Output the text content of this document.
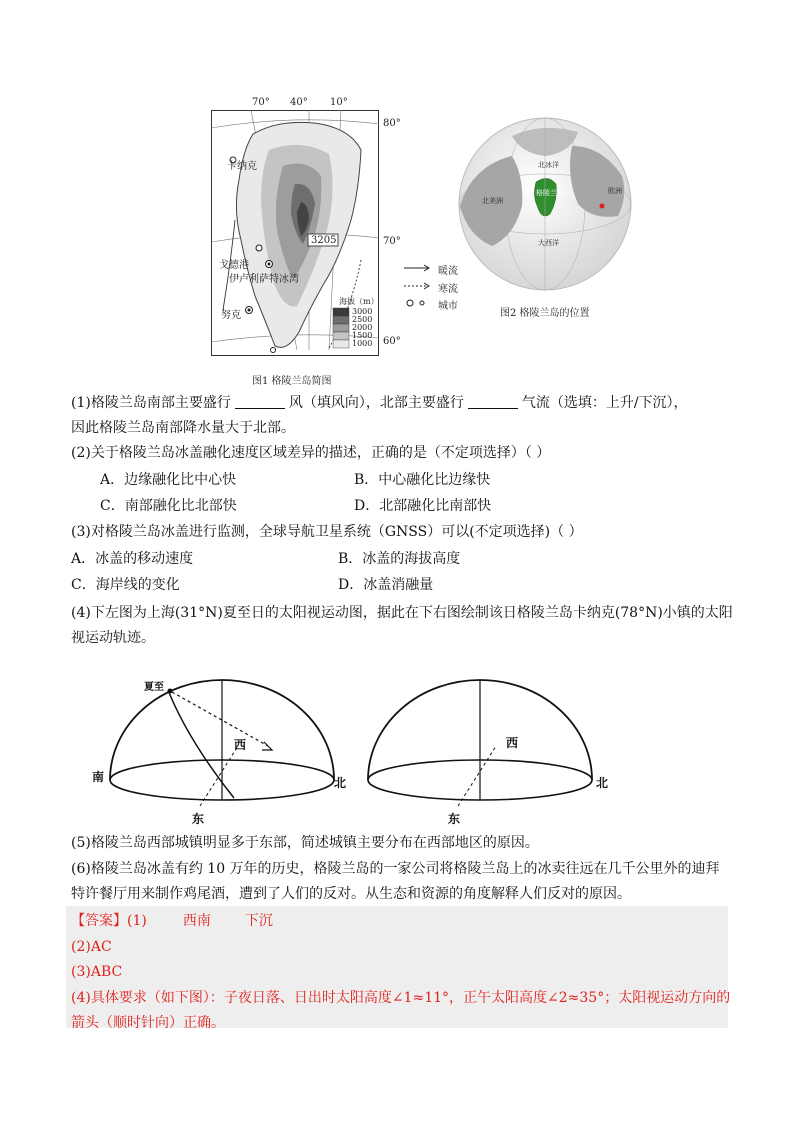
卡纳克
戈德港
伊卢利萨特冰湾
努克
3205
海拔（m）
3000
2500
2000
1500
1000
70° 40° 10°
80°
70°
60°
图1 格陵兰岛简图
暖流
寒流
城市
北冰洋
格陵兰岛
北美洲
欧洲
大西洋
图2 格陵兰岛的位置
(1)格陵兰岛南部主要盛行	风（填风向），北部主要盛行	气流（选填：上升/下沉），
因此格陵兰岛南部降水量大于北部。
(2)关于格陵兰岛冰盖融化速度区域差异的描述，正确的是（不定项选择）（ ）
A．边缘融化比中心快	B．中心融化比边缘快
C．南部融化比北部快	D．北部融化比南部快
(3)对格陵兰岛冰盖进行监测，全球导航卫星系统（GNSS）可以(不定项选择)（ ）
A．冰盖的移动速度	B．冰盖的海拔高度
C．海岸线的变化	D．冰盖消融量
(4)下左图为上海(31°N)夏至日的太阳视运动图，据此在下右图绘制该日格陵兰岛卡纳克(78°N)小镇的太阳
视运动轨迹。
夏至
南	北
西
东
北
西
东
(5)格陵兰岛西部城镇明显多于东部，简述城镇主要分布在西部地区的原因。
(6)格陵兰岛冰盖有约 10 万年的历史，格陵兰岛的一家公司将格陵兰岛上的冰卖往远在几千公里外的迪拜
特许餐厅用来制作鸡尾酒，遭到了人们的反对。从生态和资源的角度解释人们反对的原因。
【答案】(1)	西南 下沉
(2)AC
(3)ABC
(4)具体要求（如下图）：子夜日落、日出时太阳高度∠1≈11°，正午太阳高度∠2≈35°；太阳视运动方向的
箭头（顺时针向）正确。
